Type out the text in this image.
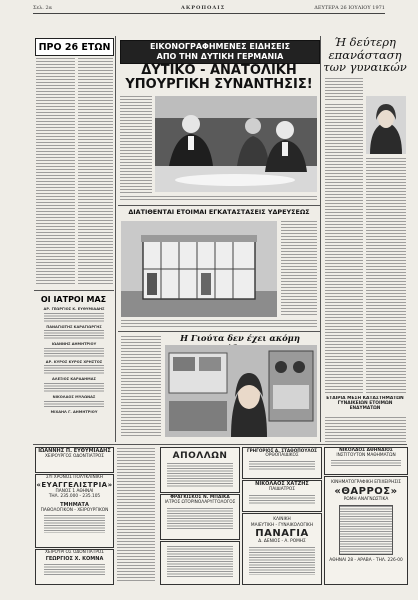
Σελ. 2α	ΑΚΡΟΠΟΛΙΣ	ΔΕΥΤΕΡΑ 26 ΙΟΥΛΙΟΥ 1971
ΠΡΟ 26 ΕΤΩΝ
ΟΙ ΙΑΤΡΟΙ ΜΑΣ
ΔΡ. ΓΕΩΡΓΙΟΣ Κ. ΕΥΘΥΜΙΑΔΗΣ
ΠΑΝΑΓΙΩΤΗΣ ΚΑΡΑΓΙΩΡΓΗΣ
ΙΩΑΝΝΗΣ ΔΗΜΗΤΡΙΟΥ
ΔΡ. ΚΥΡΟΣ ΚΥΡΟΣ ΧΡΗΣΤΟΣ
ΑΛΕΞΙΟΣ ΚΑΡΑΔΗΜΑΣ
ΝΙΚΟΛΑΟΣ ΜΥΛΩΝΑΣ
ΜΙΧΑΗΛ Γ. ΔΗΜΗΤΡΙΟΥ
ΕΙΚΟΝΟΓΡΑΦΗΜΕΝΕΣ ΕΙΔΗΣΕΙΣ
ΑΠΟ ΤΗΝ ΔΥΤΙΚΗ ΓΕΡΜΑΝΙΑ
ΔΥΤΙΚΟ - ΑΝΑΤΟΛΙΚΗ
ΥΠΟΥΡΓΙΚΗ ΣΥΝΑΝΤΗΣΙΣ!
ΔΙΑΤΙΘΕΝΤΑΙ ΕΤΟΙΜΑΙ ΕΓΚΑΤΑΣΤΑΣΕΙΣ ΥΔΡΕΥΣΕΩΣ
Η Γιούτα δεν έχει ακόμη
Ή δεύτερη
επανάσταση
των γυναικών
ΕΤΑΙΡΙΑ ΜΕΣΗ ΚΑΤΑΣΤΗΜΑΤΩΝ ΓΥΝΑΙΚΕΙΩΝ ΕΤΟΙΜΩΝ
ΕΝΔΥΜΑΤΩΝ
ΙΩΑΝΝΗΣ Π. ΕΥΘΥΜΙΑΔΗΣ
ΧΕΙΡΟΥΡΓΟΣ ΟΔΟΝΤΙΑΤΡΟΣ
ΣΥΓΧΡΟΝΟΣ ΠΟΛΥΚΛΙΝΙΚΗ
«ΕΥΑΓΓΕΛΙΣΤΡΙΑ»
ΠΑΝΟΣ 1 ΑΘΗΝΑΙ
ΤΗΛ. 235.000 - 235.105
ΤΜΗΜΑΤΑ
ΠΑΘΟΛΟΓΙΚΟΝ - ΧΕΙΡΟΥΡΓΙΚΟΝ
ΧΕΙΡΟΥΡΓΟΣ ΟΔΟΝΤΙΑΤΡΟΣ
ΓΕΩΡΓΙΟΣ Χ. ΚΟΜΝΑ
ΑΠΟΛΛΩΝ
ΦΡΑΓΚΙΣΚΟΣ Ν. ΜΠΑΙΚΑ
ΙΑΤΡΟΣ ΩΤΟΡΙΝΟΛΑΡΥΓΓΟΛΟΓΟΣ
ΓΡΗΓΟΡΙΟΣ Α. ΣΤΑΘΟΠΟΥΛΟΣ
ΟΡΘΟΠΑΙΔΙΚΟΣ
ΝΙΚΟΛΑΟΣ ΧΑΤΖΗΣ
ΠΑΙΔΙΑΤΡΟΣ
ΚΛΙΝΙΚΗ
ΜΑΙΕΥΤΙΚΗ - ΓΥΝΑΙΚΟΛΟΓΙΚΗ
ΠΑΝΑΓΙΑ
Δ. ΔΕΝΙΟΣ - Α. ΡΟΜΗΣ
ΝΙΚΟΛΑΟΣ ΑΘΗΝΑΙΟΣ
ΙΝΣΤΙΤΟΥΤΟΝ ΜΑΘΗΜΑΤΩΝ
ΚΙΝΗΜΑΤΟΓΡΑΦΙΚΗ ΕΠΙΧΕΙΡΗΣΙΣ
«ΘΑΡΡΟΣ»
ΡΩΜΗ ΑΝΑΓΝΩΣΤΙΚΑ
ΑΘΗΝΑΙ 28 - ΑΡΑΒΑ - ΤΗΛ. 226-00
